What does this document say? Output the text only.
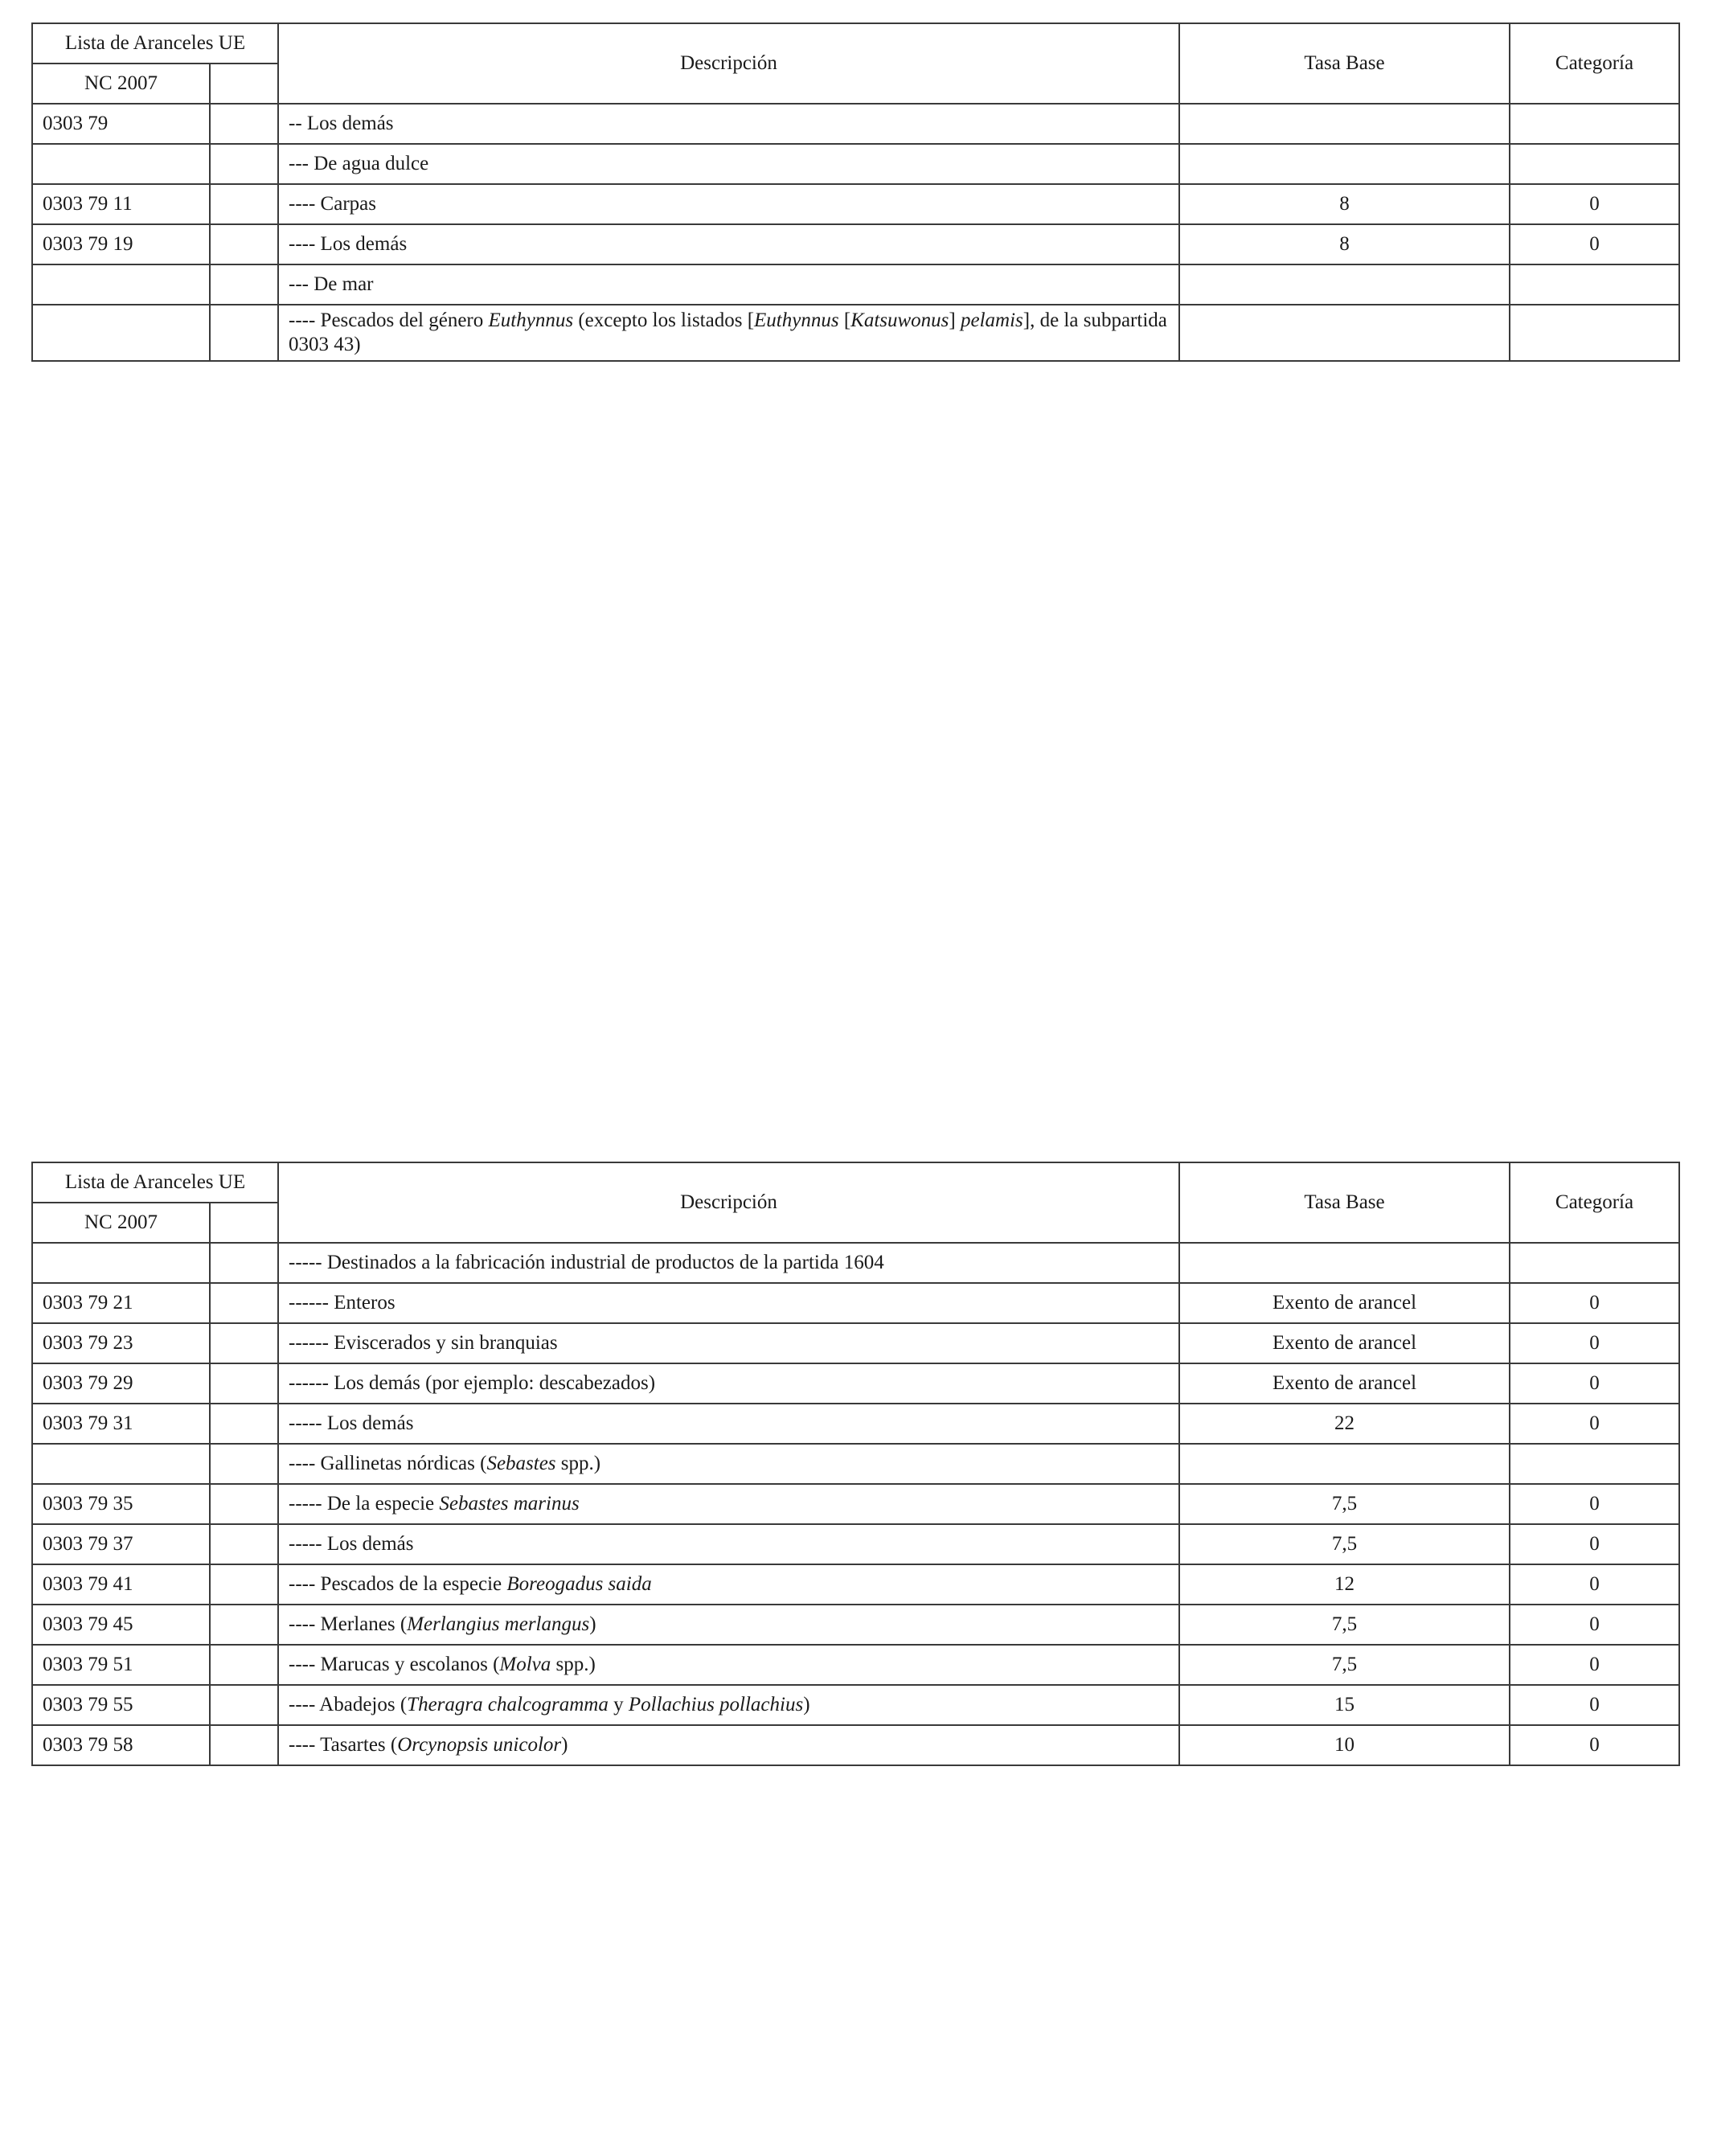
Lista de Aranceles UE		Descripción	Tasa Base	Categoría
NC 2007				
0303 79		-- Los demás		
		--- De agua dulce		
0303 79 11		---- Carpas	8	0
0303 79 19		---- Los demás	8	0
		--- De mar		
		---- Pescados del género Euthynnus (excepto los listados [Euthynnus [Katsuwonus] pelamis], de la subpartida 0303 43)		
Lista de Aranceles UE		Descripción	Tasa Base	Categoría
NC 2007				
		----- Destinados a la fabricación industrial de productos de la partida 1604		
0303 79 21		------ Enteros	Exento de arancel	0
0303 79 23		------ Eviscerados y sin branquias	Exento de arancel	0
0303 79 29		------ Los demás (por ejemplo: descabezados)	Exento de arancel	0
0303 79 31		----- Los demás	22	0
		---- Gallinetas nórdicas (Sebastes spp.)		
0303 79 35		----- De la especie Sebastes marinus	7,5	0
0303 79 37		----- Los demás	7,5	0
0303 79 41		---- Pescados de la especie Boreogadus saida	12	0
0303 79 45		---- Merlanes (Merlangius merlangus)	7,5	0
0303 79 51		---- Marucas y escolanos (Molva spp.)	7,5	0
0303 79 55		---- Abadejos (Theragra chalcogramma y Pollachius pollachius)	15	0
0303 79 58		---- Tasartes (Orcynopsis unicolor)	10	0
